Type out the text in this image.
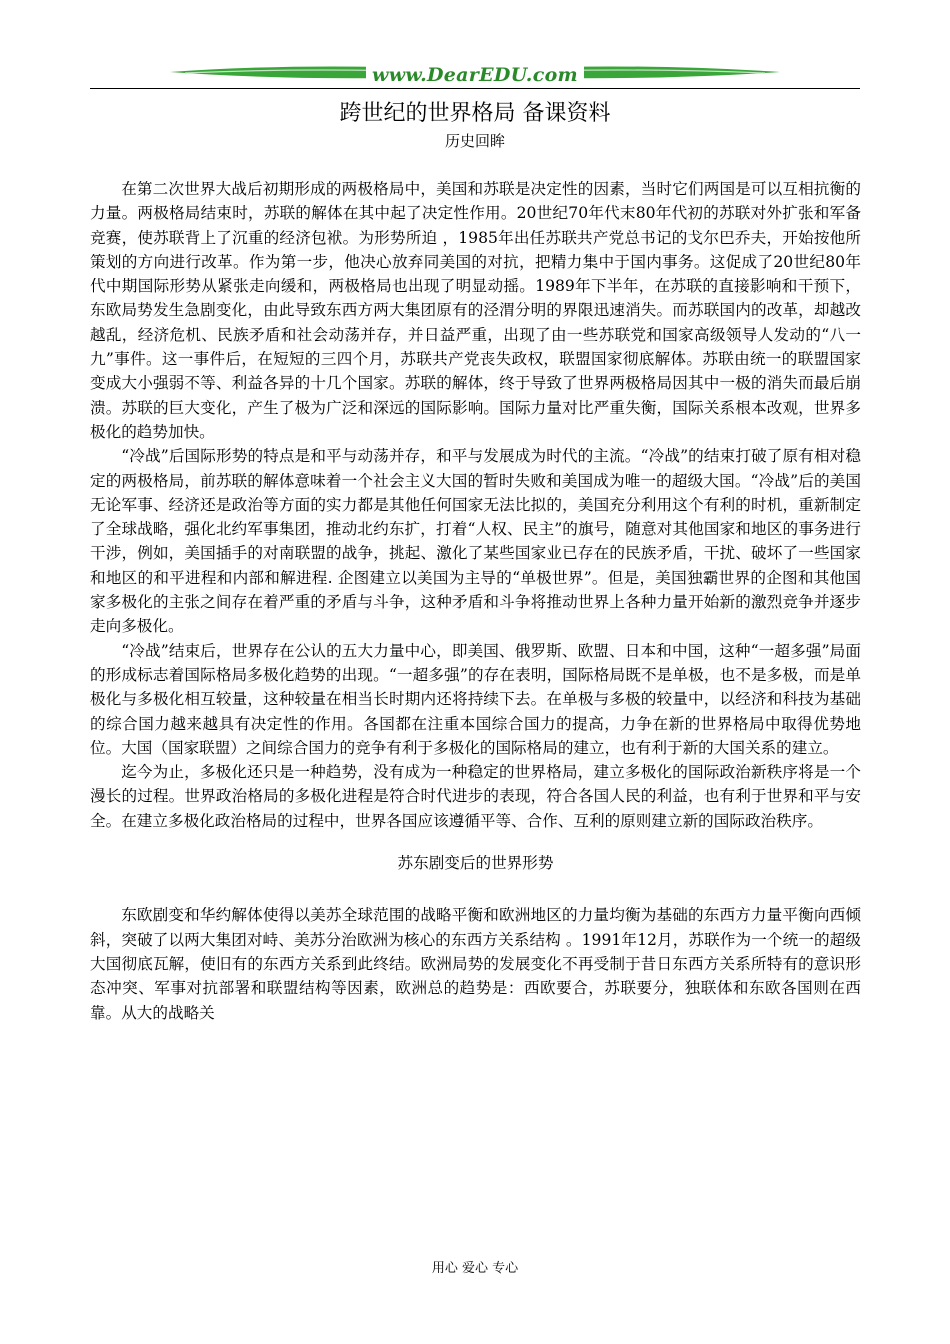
www.DearEDU.com
跨世纪的世界格局 备课资料
历史回眸

在第二次世界大战后初期形成的两极格局中，美国和苏联是决定性的因素，当时它们两国是可以互相抗衡的力量。两极格局结束时，苏联的解体在其中起了决定性作用。20世纪70年代末80年代初的苏联对外扩张和军备竞赛，使苏联背上了沉重的经济包袱。为形势所迫 ，1985年出任苏联共产党总书记的戈尔巴乔夫，开始按他所策划的方向进行改革。作为第一步，他决心放弃同美国的对抗，把精力集中于国内事务。这促成了20世纪80年代中期国际形势从紧张走向缓和，两极格局也出现了明显动摇。1989年下半年，在苏联的直接影响和干预下，东欧局势发生急剧变化，由此导致东西方两大集团原有的泾渭分明的界限迅速消失。而苏联国内的改革，却越改越乱，经济危机、民族矛盾和社会动荡并存，并日益严重，出现了由一些苏联党和国家高级领导人发动的“八一九”事件。这一事件后，在短短的三四个月，苏联共产党丧失政权，联盟国家彻底解体。苏联由统一的联盟国家变成大小强弱不等、利益各异的十几个国家。苏联的解体，终于导致了世界两极格局因其中一极的消失而最后崩溃。苏联的巨大变化，产生了极为广泛和深远的国际影响。国际力量对比严重失衡，国际关系根本改观，世界多极化的趋势加快。

“冷战”后国际形势的特点是和平与动荡并存，和平与发展成为时代的主流。“冷战”的结束打破了原有相对稳定的两极格局，前苏联的解体意味着一个社会主义大国的暂时失败和美国成为唯一的超级大国。“冷战”后的美国无论军事、经济还是政治等方面的实力都是其他任何国家无法比拟的，美国充分利用这个有利的时机，重新制定了全球战略，强化北约军事集团，推动北约东扩，打着“人权、民主”的旗号，随意对其他国家和地区的事务进行干涉，例如，美国插手的对南联盟的战争，挑起、激化了某些国家业已存在的民族矛盾，干扰、破坏了一些国家和地区的和平进程和内部和解进程. 企图建立以美国为主导的“单极世界”。但是，美国独霸世界的企图和其他国家多极化的主张之间存在着严重的矛盾与斗争，这种矛盾和斗争将推动世界上各种力量开始新的激烈竞争并逐步走向多极化。

“冷战”结束后，世界存在公认的五大力量中心，即美国、俄罗斯、欧盟、日本和中国，这种“一超多强”局面的形成标志着国际格局多极化趋势的出现。“一超多强”的存在表明，国际格局既不是单极，也不是多极，而是单极化与多极化相互较量，这种较量在相当长时期内还将持续下去。在单极与多极的较量中，以经济和科技为基础的综合国力越来越具有决定性的作用。各国都在注重本国综合国力的提高，力争在新的世界格局中取得优势地位。大国（国家联盟）之间综合国力的竞争有利于多极化的国际格局的建立，也有利于新的大国关系的建立。

迄今为止，多极化还只是一种趋势，没有成为一种稳定的世界格局，建立多极化的国际政治新秩序将是一个漫长的过程。世界政治格局的多极化进程是符合时代进步的表现，符合各国人民的利益，也有利于世界和平与安全。在建立多极化政治格局的过程中，世界各国应该遵循平等、合作、互利的原则建立新的国际政治秩序。

苏东剧变后的世界形势

东欧剧变和华约解体使得以美苏全球范围的战略平衡和欧洲地区的力量均衡为基础的东西方力量平衡向西倾斜，突破了以两大集团对峙、美苏分治欧洲为核心的东西方关系结构 。1991年12月，苏联作为一个统一的超级大国彻底瓦解，使旧有的东西方关系到此终结。欧洲局势的发展变化不再受制于昔日东西方关系所特有的意识形态冲突、军事对抗部署和联盟结构等因素，欧洲总的趋势是：西欧要合，苏联要分，独联体和东欧各国则在西靠。从大的战略关

用心 爱心 专心
